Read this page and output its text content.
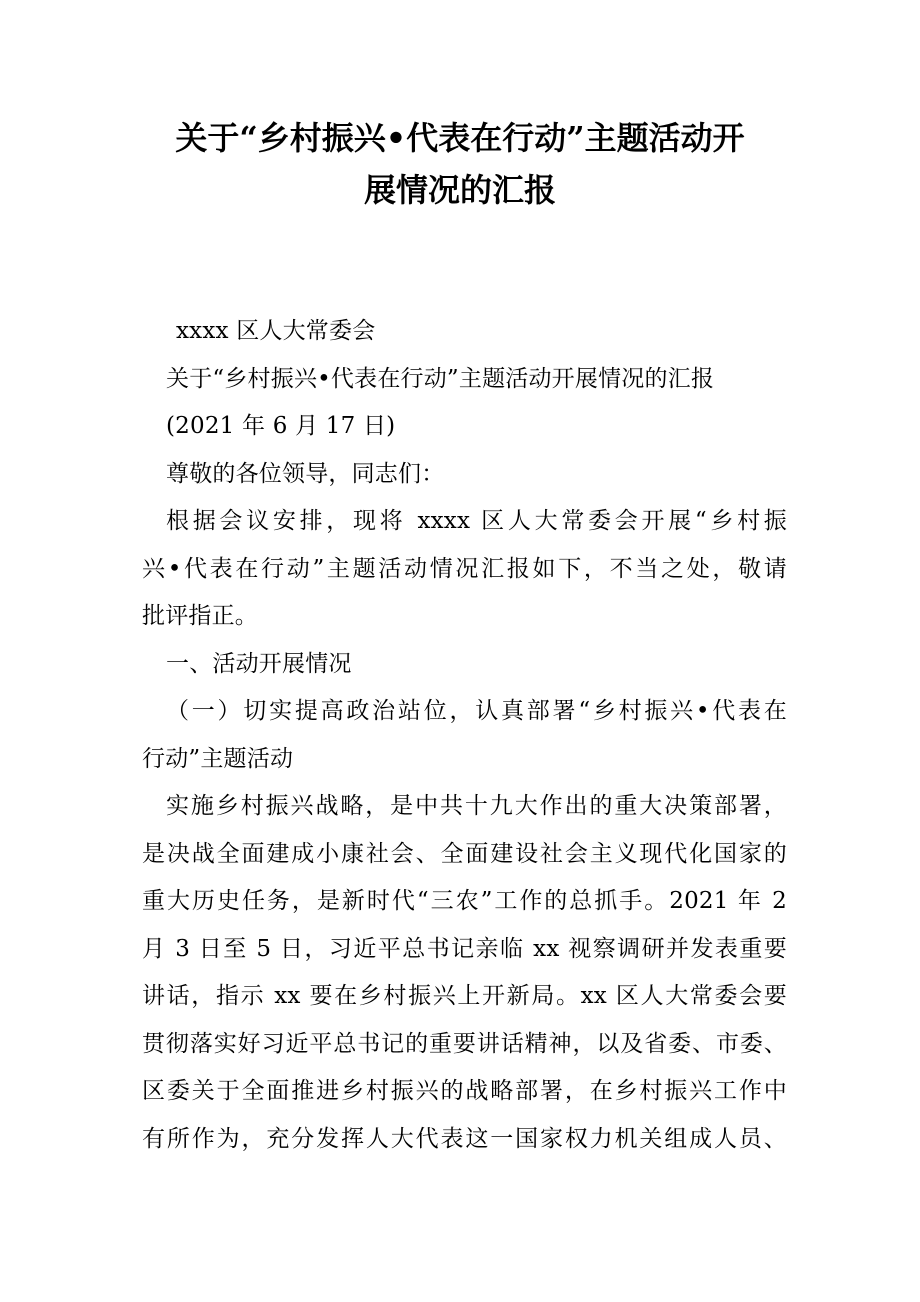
关于“乡村振兴•代表在行动”主题活动开
展情况的汇报
xxxx 区人大常委会
关于“乡村振兴•代表在行动”主题活动开展情况的汇报
(2021 年 6 月 17 日)
尊敬的各位领导，同志们：
根据会议安排，现将 xxxx 区人大常委会开展“乡村振
兴•代表在行动”主题活动情况汇报如下，不当之处，敬请
批评指正。
一、活动开展情况
（一）切实提高政治站位，认真部署“乡村振兴•代表在
行动”主题活动
实施乡村振兴战略，是中共十九大作出的重大决策部署，
是决战全面建成小康社会、全面建设社会主义现代化国家的
重大历史任务，是新时代“三农”工作的总抓手。2021 年 2
月 3 日至 5 日，习近平总书记亲临 xx 视察调研并发表重要
讲话，指示 xx 要在乡村振兴上开新局。xx 区人大常委会要
贯彻落实好习近平总书记的重要讲话精神，以及省委、市委、
区委关于全面推进乡村振兴的战略部署，在乡村振兴工作中
有所作为，充分发挥人大代表这一国家权力机关组成人员、
